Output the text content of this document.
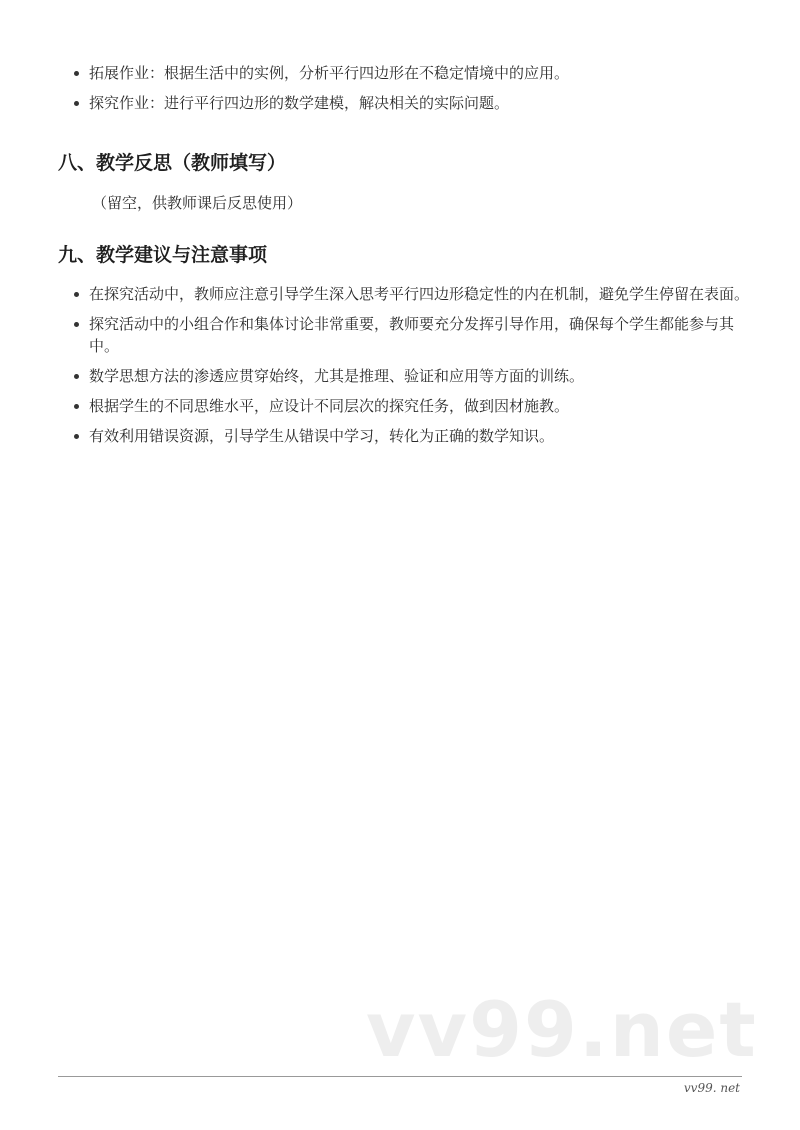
拓展作业：根据生活中的实例，分析平行四边形在不稳定情境中的应用。
探究作业：进行平行四边形的数学建模，解决相关的实际问题。
八、教学反思（教师填写）
（留空，供教师课后反思使用）
九、教学建议与注意事项
在探究活动中，教师应注意引导学生深入思考平行四边形稳定性的内在机制，避免学生停留在表面。
探究活动中的小组合作和集体讨论非常重要，教师要充分发挥引导作用，确保每个学生都能参与其中。
数学思想方法的渗透应贯穿始终，尤其是推理、验证和应用等方面的训练。
根据学生的不同思维水平，应设计不同层次的探究任务，做到因材施教。
有效利用错误资源，引导学生从错误中学习，转化为正确的数学知识。
vv99.net
vv99. net
